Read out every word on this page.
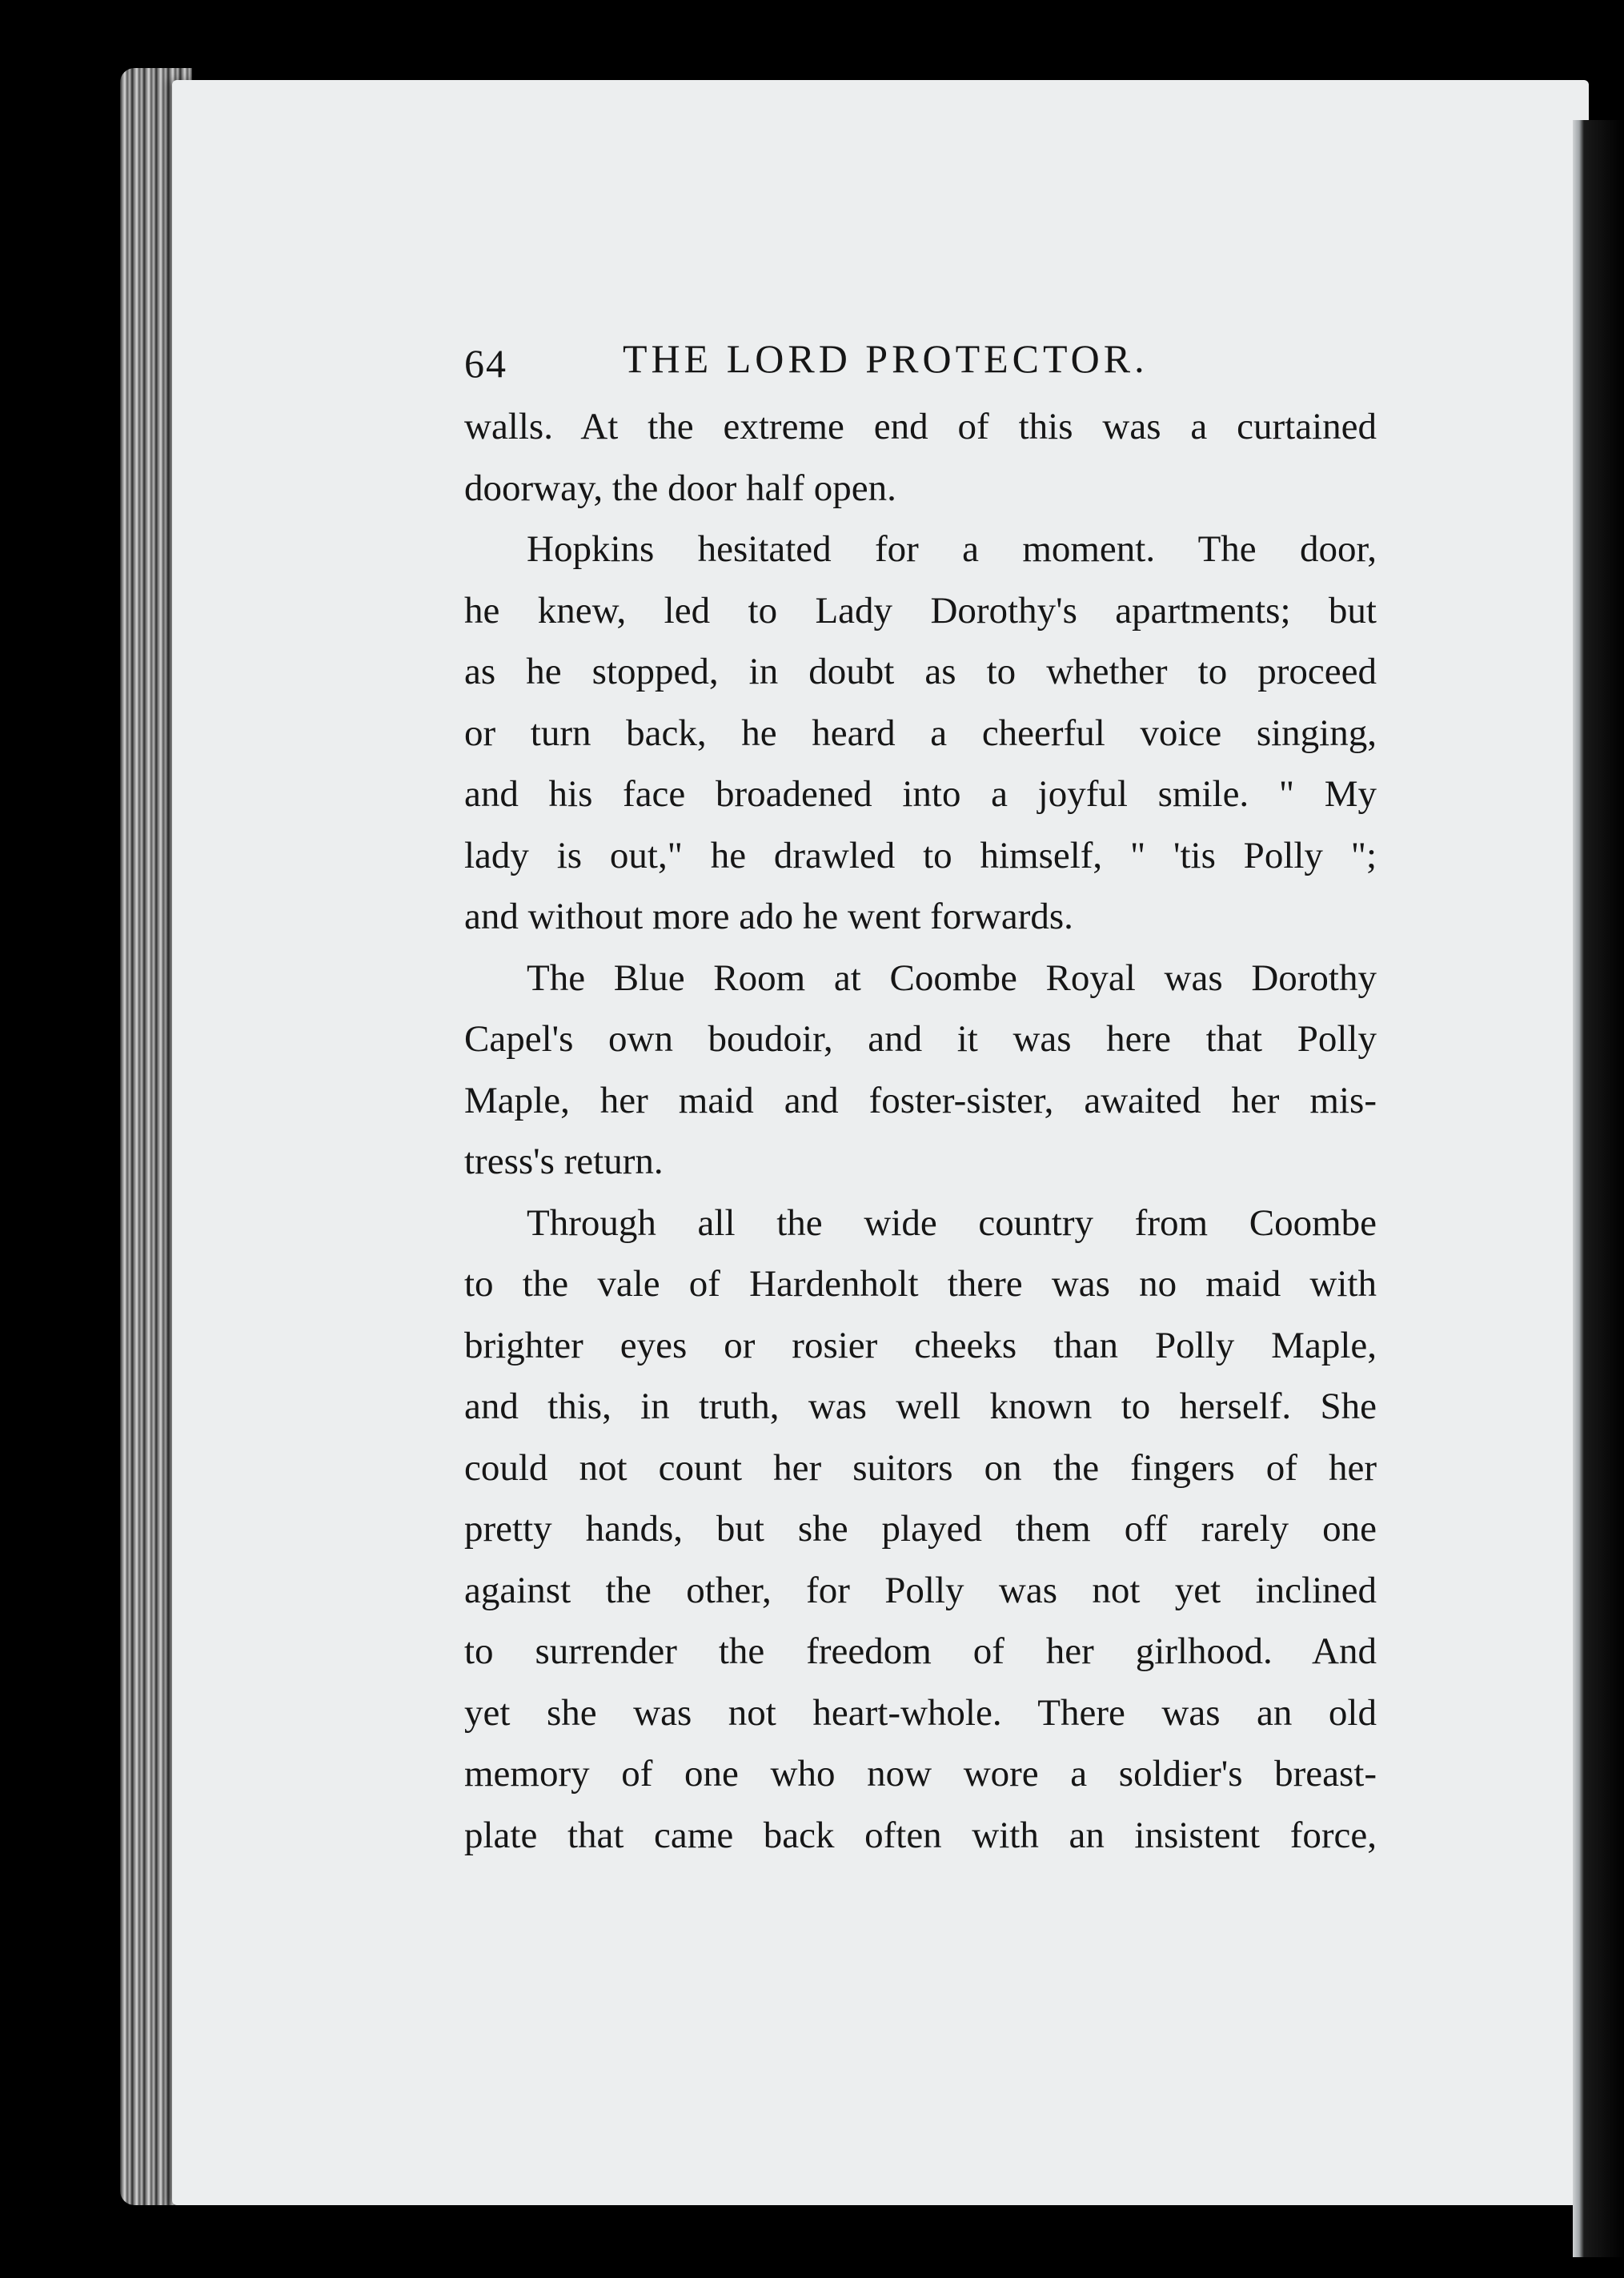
64	THE LORD PROTECTOR.

walls. At the extreme end of this was a curtained
doorway, the door half open.

Hopkins hesitated for a moment. The door,
he knew, led to Lady Dorothy's apartments; but
as he stopped, in doubt as to whether to proceed
or turn back, he heard a cheerful voice singing,
and his face broadened into a joyful smile. " My
lady is out," he drawled to himself, " 'tis Polly ";
and without more ado he went forwards.

The Blue Room at Coombe Royal was Dorothy
Capel's own boudoir, and it was here that Polly
Maple, her maid and foster-sister, awaited her mis-
tress's return.

Through all the wide country from Coombe
to the vale of Hardenholt there was no maid with
brighter eyes or rosier cheeks than Polly Maple,
and this, in truth, was well known to herself. She
could not count her suitors on the fingers of her
pretty hands, but she played them off rarely one
against the other, for Polly was not yet inclined
to surrender the freedom of her girlhood. And
yet she was not heart-whole. There was an old
memory of one who now wore a soldier's breast-
plate that came back often with an insistent force,
